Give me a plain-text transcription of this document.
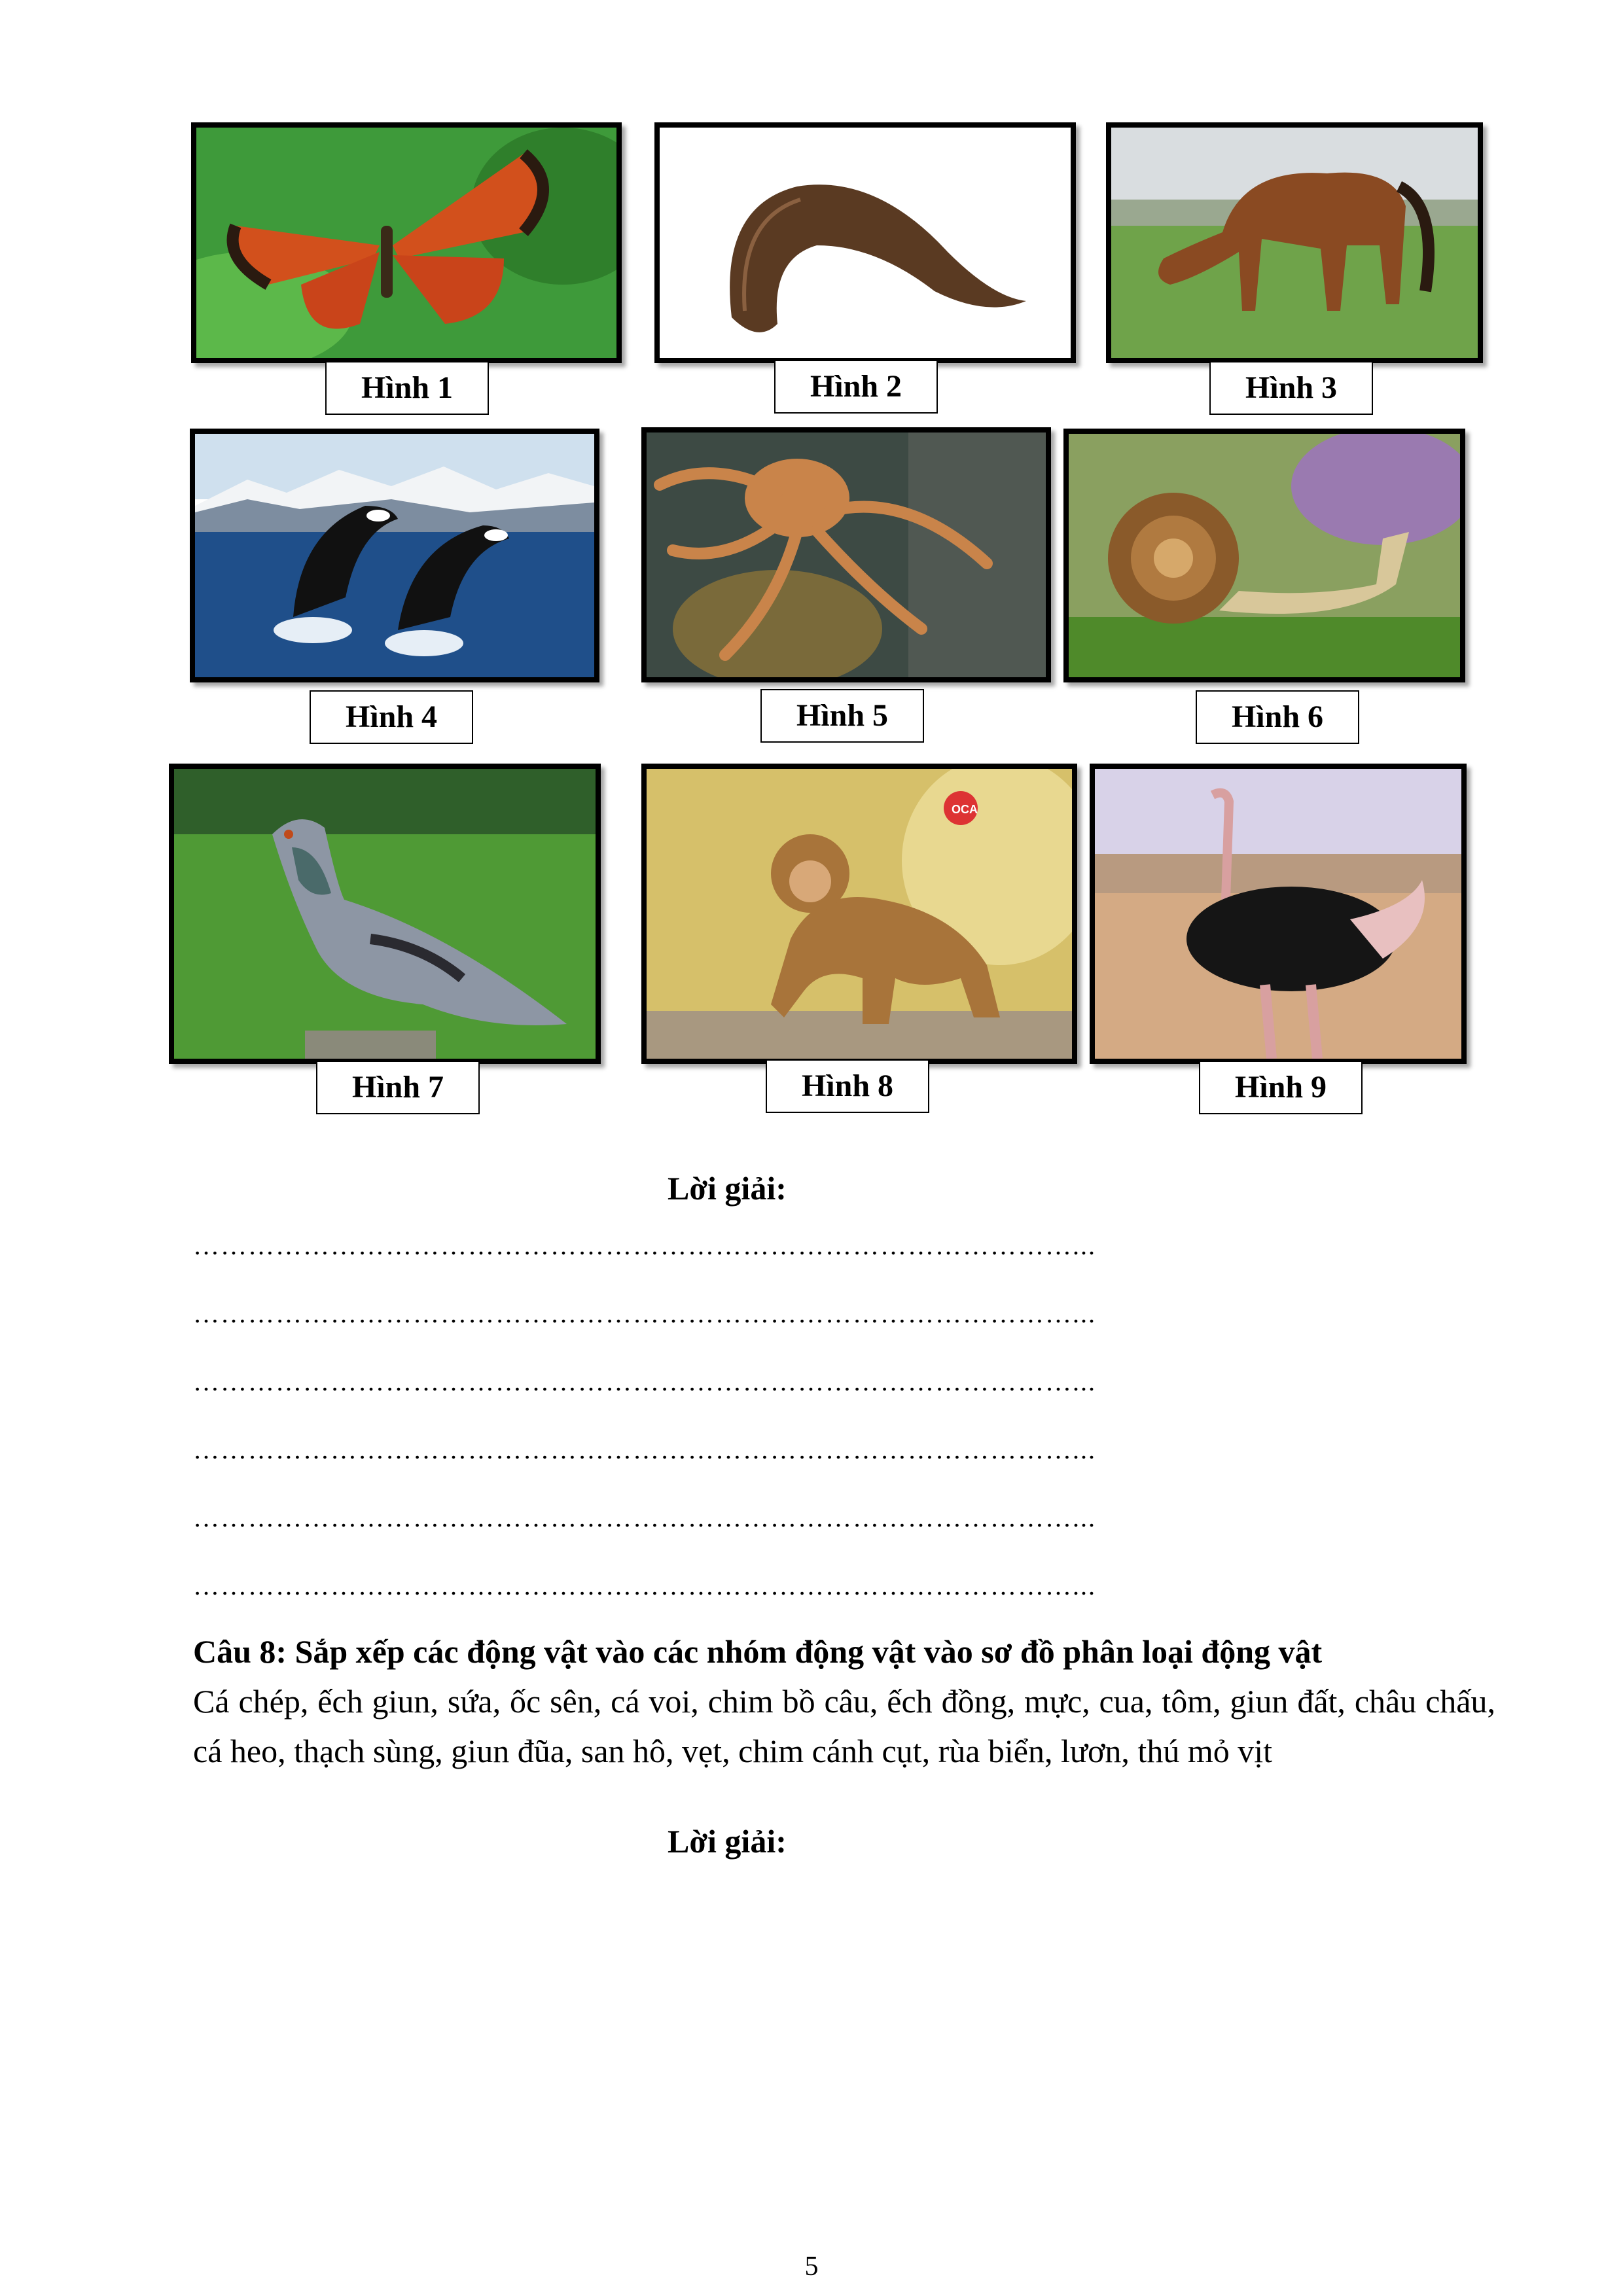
Hình 1	Hình 2	Hình 3
Hình 4	Hình 5	Hình 6
OCA
Hình 7	Hình 8	Hình 9
Lời giải:
……………………………………………………………………………………...
……………………………………………………………………………………...
……………………………………………………………………………………...
……………………………………………………………………………………...
……………………………………………………………………………………...
……………………………………………………………………………………...
Câu 8: Sắp xếp các động vật vào các nhóm động vật vào sơ đồ phân loại động vật

Cá chép, ếch giun, sứa, ốc sên, cá voi, chim bồ câu, ếch đồng, mực, cua, tôm, giun đất, châu chấu, cá heo, thạch sùng, giun đũa, san hô, vẹt, chim cánh cụt, rùa biển, lươn, thú mỏ vịt

Lời giải:
5
